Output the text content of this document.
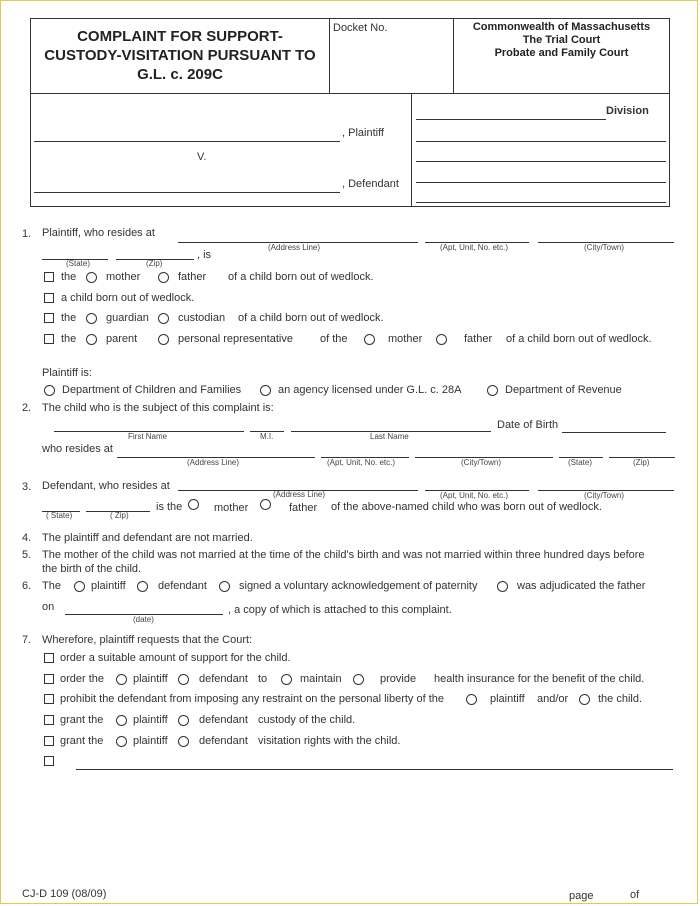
COMPLAINT FOR SUPPORT-
CUSTODY-VISITATION PURSUANT TO
G.L. c. 209C
Docket No.	Commonwealth of Massachusetts
The Trial Court
Probate and Family Court
, Plaintiff
V.
, Defendant
Division
1. Plaintiff, who resides at
(Address Line)	(Apt, Unit, No. etc.)	(City/Town)
, is
(State)	(Zip)
the	mother	father of a child born out of wedlock.
a child born out of wedlock.
the	guardian	custodian of a child born out of wedlock.
the	parent	personal representative of the	mother	father of a child born out of wedlock.
Plaintiff is:
Department of Children and Families	an agency licensed under G.L. c. 28A	Department of Revenue
2. The child who is the subject of this complaint is:
Date of Birth
First Name	M.I.	Last Name
who resides at
(Address Line)	(Apt, Unit, No. etc.)	(City/Town)	(State)	(Zip)
3. Defendant, who resides at
(Address Line)	(Apt, Unit, No. etc.)	(City/Town)
( State)	( Zip)
is the	mother	father of the above-named child who was born out of wedlock.
4. The plaintiff and defendant are not married.
5. The mother of the child was not married at the time of the child's birth and was not married within three hundred days before
the birth of the child.
6. The	plaintiff	defendant	signed a voluntary acknowledgement of paternity	was adjudicated the father
on
(date)
, a copy of which is attached to this complaint.
7. Wherefore, plaintiff requests that the Court:
order a suitable amount of support for the child.
order the	plaintiff	defendant to	maintain	provide health insurance for the benefit of the child.
prohibit the defendant from imposing any restraint on the personal liberty of the	plaintiff and/or	the child.
grant the	plaintiff	defendant custody of the child.
grant the	plaintiff	defendant visitation rights with the child.
CJ-D 109 (08/09)	page	of
